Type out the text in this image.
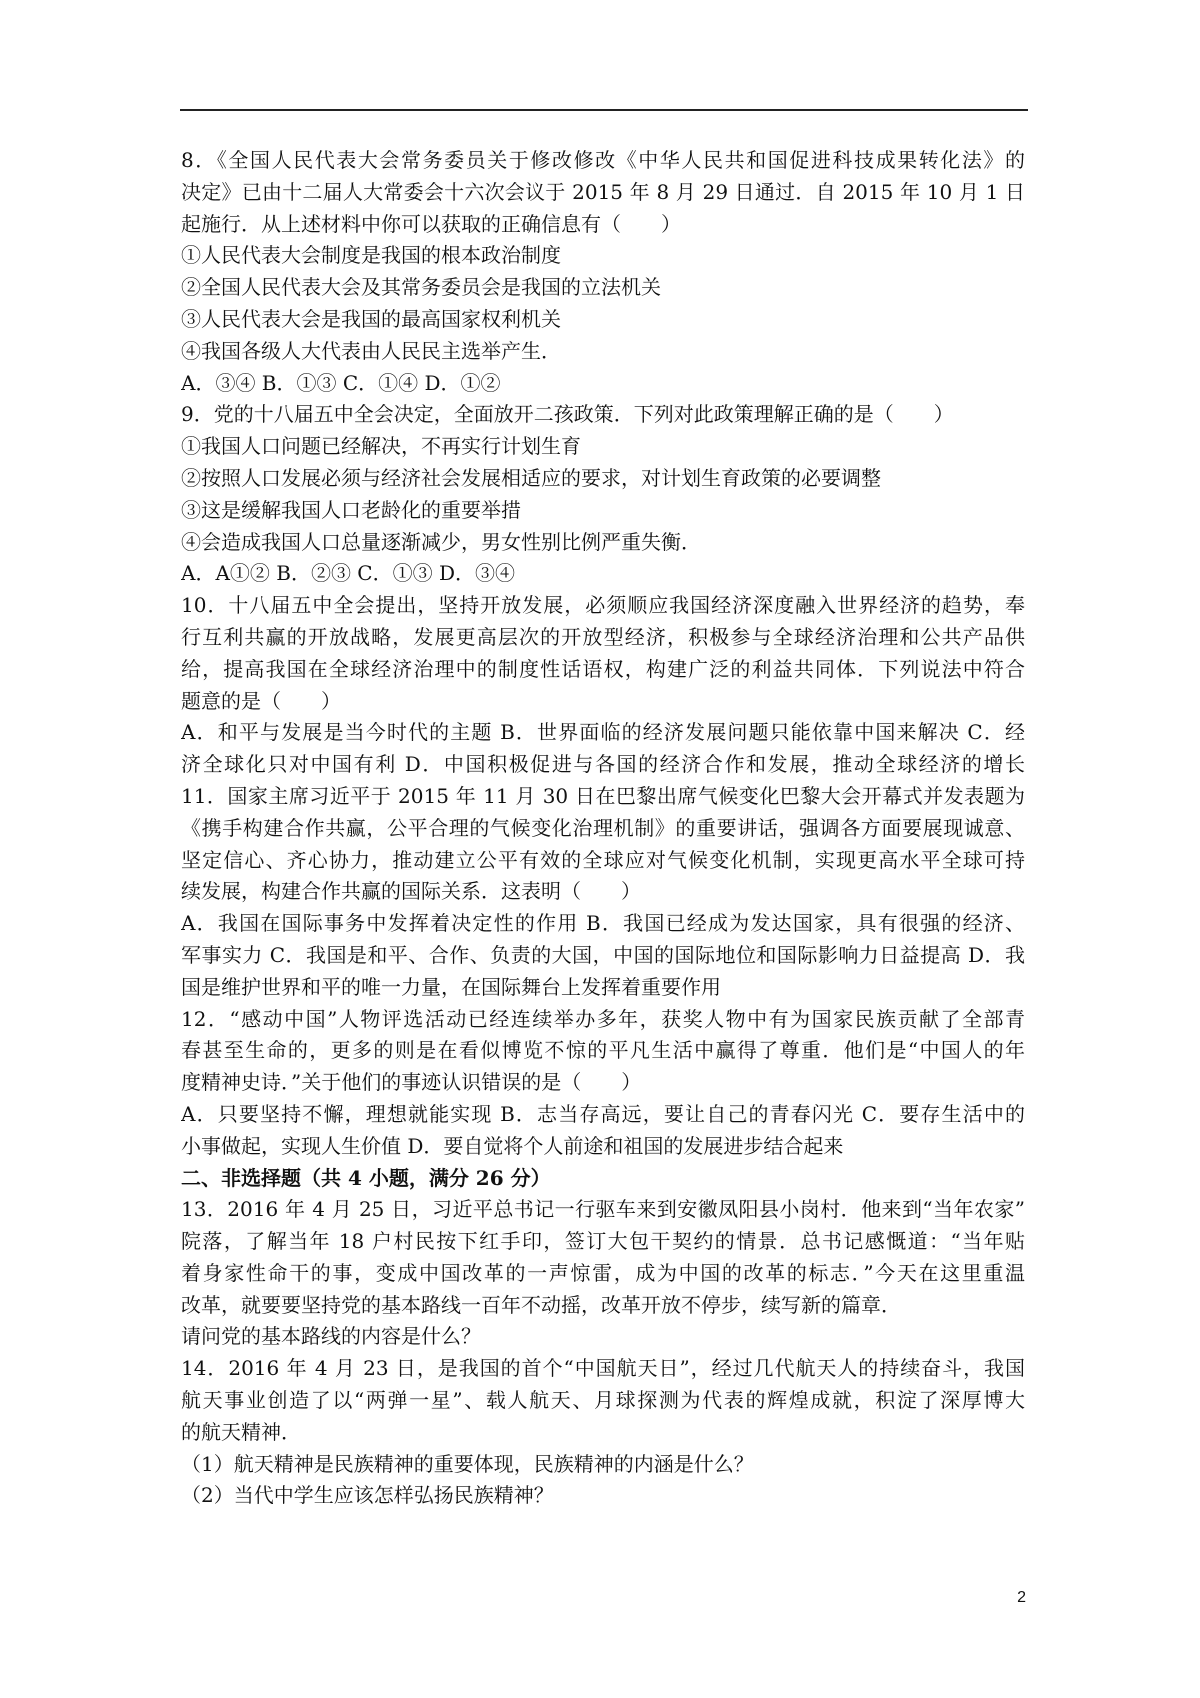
8．《全国人民代表大会常务委员关于修改修改《中华人民共和国促进科技成果转化法》的
决定》已由十二届人大常委会十六次会议于 2015 年 8 月 29 日通过．自 2015 年 10 月 1 日
起施行．从上述材料中你可以获取的正确信息有（　　）
①人民代表大会制度是我国的根本政治制度
②全国人民代表大会及其常务委员会是我国的立法机关
③人民代表大会是我国的最高国家权利机关
④我国各级人大代表由人民民主选举产生．
A．③④ B．①③ C．①④ D．①②
9．党的十八届五中全会决定，全面放开二孩政策．下列对此政策理解正确的是（　　）
①我国人口问题已经解决，不再实行计划生育
②按照人口发展必须与经济社会发展相适应的要求，对计划生育政策的必要调整
③这是缓解我国人口老龄化的重要举措
④会造成我国人口总量逐渐减少，男女性别比例严重失衡．
A．A①② B．②③ C．①③ D．③④
10．十八届五中全会提出，坚持开放发展，必须顺应我国经济深度融入世界经济的趋势，奉
行互利共赢的开放战略，发展更高层次的开放型经济，积极参与全球经济治理和公共产品供
给，提高我国在全球经济治理中的制度性话语权，构建广泛的利益共同体．下列说法中符合
题意的是（　　）
A．和平与发展是当今时代的主题 B．世界面临的经济发展问题只能依靠中国来解决 C．经
济全球化只对中国有利 D．中国积极促进与各国的经济合作和发展，推动全球经济的增长
11．国家主席习近平于 2015 年 11 月 30 日在巴黎出席气候变化巴黎大会开幕式并发表题为
《携手构建合作共赢，公平合理的气候变化治理机制》的重要讲话，强调各方面要展现诚意、
坚定信心、齐心协力，推动建立公平有效的全球应对气候变化机制，实现更高水平全球可持
续发展，构建合作共赢的国际关系．这表明（　　）
A．我国在国际事务中发挥着决定性的作用 B．我国已经成为发达国家，具有很强的经济、
军事实力 C．我国是和平、合作、负责的大国，中国的国际地位和国际影响力日益提高 D．我
国是维护世界和平的唯一力量，在国际舞台上发挥着重要作用
12．“感动中国”人物评选活动已经连续举办多年，获奖人物中有为国家民族贡献了全部青
春甚至生命的，更多的则是在看似博览不惊的平凡生活中赢得了尊重．他们是“中国人的年
度精神史诗．”关于他们的事迹认识错误的是（　　）
A．只要坚持不懈，理想就能实现 B．志当存高远，要让自己的青春闪光 C．要存生活中的
小事做起，实现人生价值 D．要自觉将个人前途和祖国的发展进步结合起来
二、非选择题（共 4 小题，满分 26 分）
13．2016 年 4 月 25 日，习近平总书记一行驱车来到安徽凤阳县小岗村．他来到“当年农家”
院落，了解当年 18 户村民按下红手印，签订大包干契约的情景．总书记感慨道：“当年贴
着身家性命干的事，变成中国改革的一声惊雷，成为中国的改革的标志．”今天在这里重温
改革，就要要坚持党的基本路线一百年不动摇，改革开放不停步，续写新的篇章．
请问党的基本路线的内容是什么？
14．2016 年 4 月 23 日，是我国的首个“中国航天日”，经过几代航天人的持续奋斗，我国
航天事业创造了以“两弹一星”、载人航天、月球探测为代表的辉煌成就，积淀了深厚博大
的航天精神．
（1）航天精神是民族精神的重要体现，民族精神的内涵是什么？
（2）当代中学生应该怎样弘扬民族精神？
2
